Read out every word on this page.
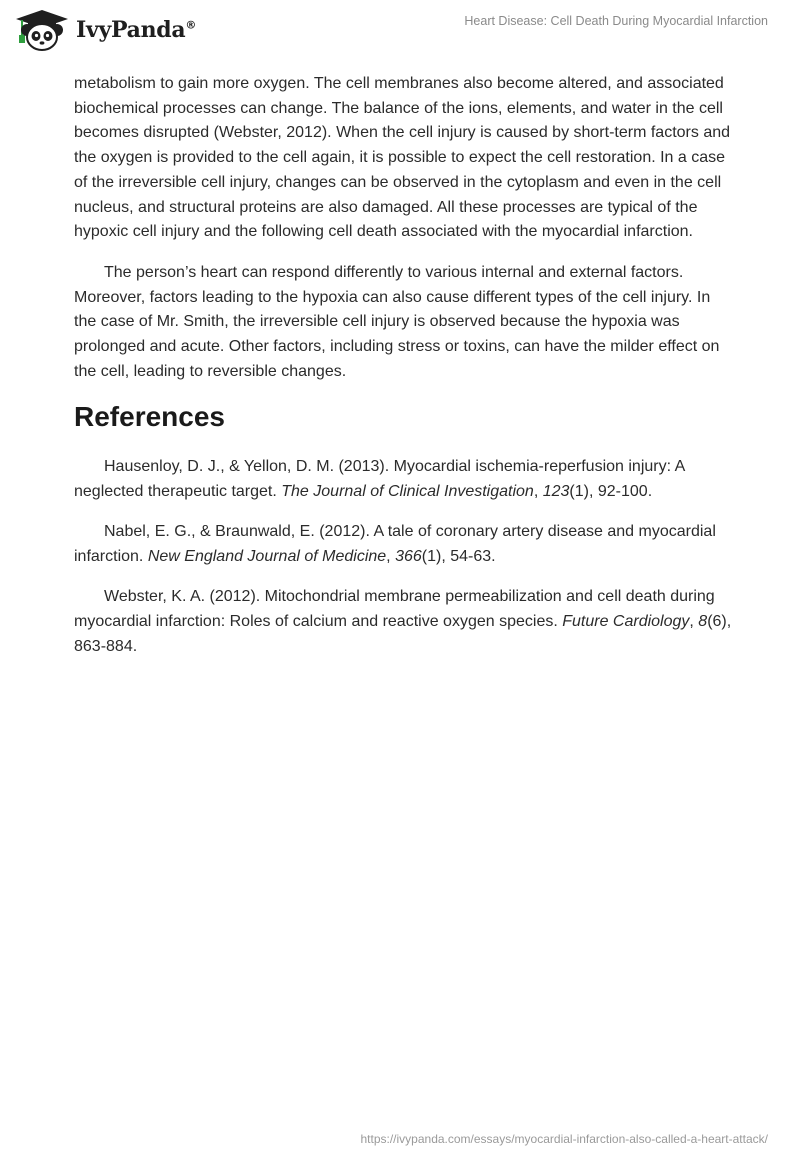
IvyPanda®	Heart Disease: Cell Death During Myocardial Infarction

metabolism to gain more oxygen. The cell membranes also become altered, and associated biochemical processes can change. The balance of the ions, elements, and water in the cell becomes disrupted (Webster, 2012). When the cell injury is caused by short-term factors and the oxygen is provided to the cell again, it is possible to expect the cell restoration. In a case of the irreversible cell injury, changes can be observed in the cytoplasm and even in the cell nucleus, and structural proteins are also damaged. All these processes are typical of the hypoxic cell injury and the following cell death associated with the myocardial infarction.

The person’s heart can respond differently to various internal and external factors. Moreover, factors leading to the hypoxia can also cause different types of the cell injury. In the case of Mr. Smith, the irreversible cell injury is observed because the hypoxia was prolonged and acute. Other factors, including stress or toxins, can have the milder effect on the cell, leading to reversible changes.

References

Hausenloy, D. J., & Yellon, D. M. (2013). Myocardial ischemia-reperfusion injury: A neglected therapeutic target. The Journal of Clinical Investigation, 123(1), 92-100.

Nabel, E. G., & Braunwald, E. (2012). A tale of coronary artery disease and myocardial infarction. New England Journal of Medicine, 366(1), 54-63.

Webster, K. A. (2012). Mitochondrial membrane permeabilization and cell death during myocardial infarction: Roles of calcium and reactive oxygen species. Future Cardiology, 8(6), 863-884.

https://ivypanda.com/essays/myocardial-infarction-also-called-a-heart-attack/
